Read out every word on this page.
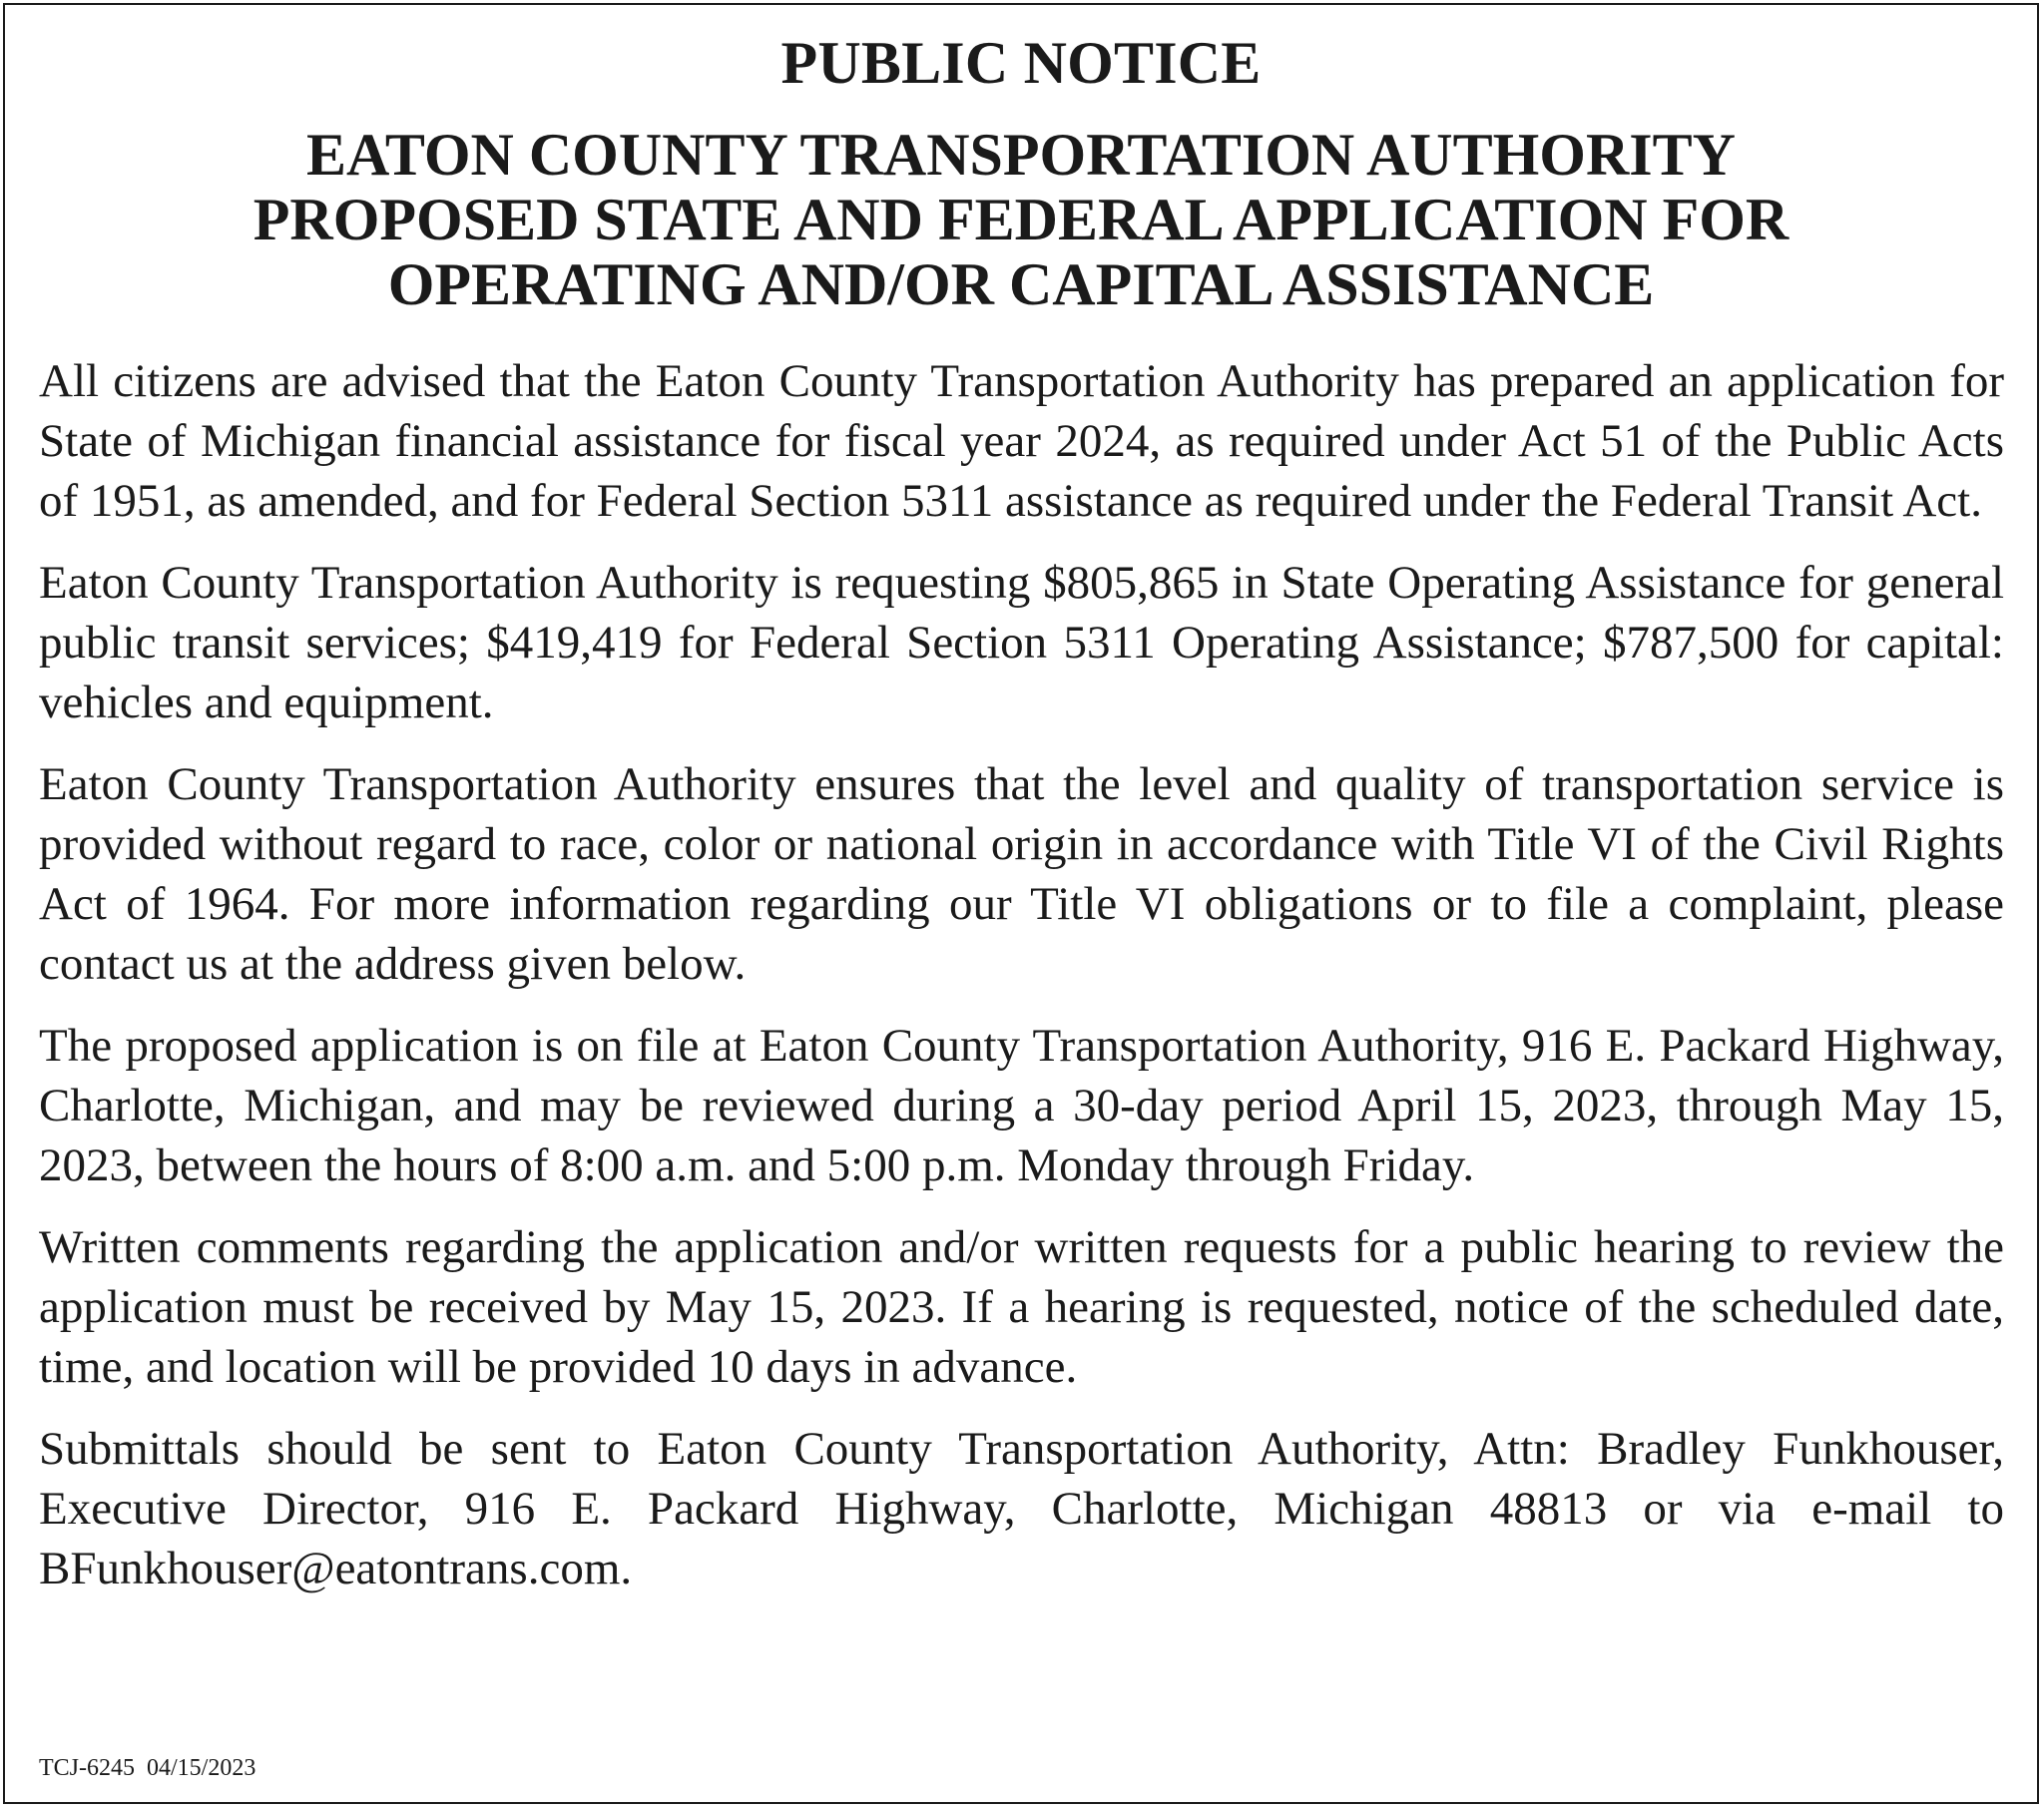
PUBLIC NOTICE
EATON COUNTY TRANSPORTATION AUTHORITY
PROPOSED STATE AND FEDERAL APPLICATION FOR
OPERATING AND/OR CAPITAL ASSISTANCE

All citizens are advised that the Eaton County Transportation Authority has prepared an application for State of Michigan financial assistance for fiscal year 2024, as required under Act 51 of the Public Acts of 1951, as amended, and for Federal Section 5311 assistance as required under the Federal Transit Act.

Eaton County Transportation Authority is requesting $805,865 in State Operating Assistance for general public transit services; $419,419 for Federal Section 5311 Operating Assistance; $787,500 for capital: vehicles and equipment.

Eaton County Transportation Authority ensures that the level and quality of transportation service is provided without regard to race, color or national origin in accordance with Title VI of the Civil Rights Act of 1964. For more information regarding our Title VI obligations or to file a complaint, please contact us at the address given below.

The proposed application is on file at Eaton County Transportation Authority, 916 E. Packard Highway, Charlotte, Michigan, and may be reviewed during a 30-day period April 15, 2023, through May 15, 2023, between the hours of 8:00 a.m. and 5:00 p.m. Monday through Friday.

Written comments regarding the application and/or written requests for a public hearing to review the application must be received by May 15, 2023. If a hearing is requested, notice of the scheduled date, time, and location will be provided 10 days in advance.

Submittals should be sent to Eaton County Transportation Authority, Attn: Bradley Funkhouser, Executive Director, 916 E. Packard Highway, Charlotte, Michigan 48813 or via e-mail to BFunkhouser@eatontrans.com.

TCJ-6245  04/15/2023
